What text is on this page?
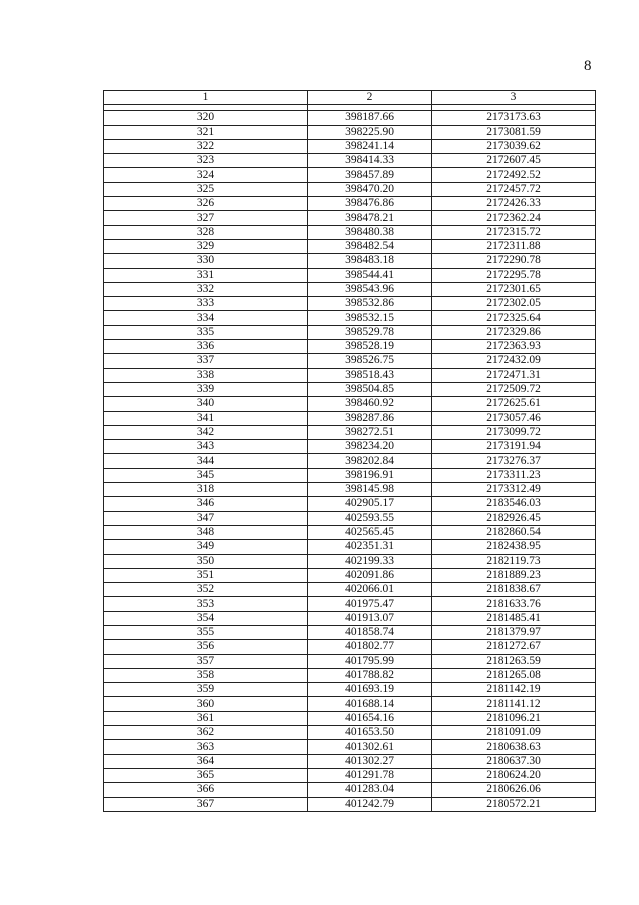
8
1	2	3

320	398187.66	2173173.63
321	398225.90	2173081.59
322	398241.14	2173039.62
323	398414.33	2172607.45
324	398457.89	2172492.52
325	398470.20	2172457.72
326	398476.86	2172426.33
327	398478.21	2172362.24
328	398480.38	2172315.72
329	398482.54	2172311.88
330	398483.18	2172290.78
331	398544.41	2172295.78
332	398543.96	2172301.65
333	398532.86	2172302.05
334	398532.15	2172325.64
335	398529.78	2172329.86
336	398528.19	2172363.93
337	398526.75	2172432.09
338	398518.43	2172471.31
339	398504.85	2172509.72
340	398460.92	2172625.61
341	398287.86	2173057.46
342	398272.51	2173099.72
343	398234.20	2173191.94
344	398202.84	2173276.37
345	398196.91	2173311.23
318	398145.98	2173312.49
346	402905.17	2183546.03
347	402593.55	2182926.45
348	402565.45	2182860.54
349	402351.31	2182438.95
350	402199.33	2182119.73
351	402091.86	2181889.23
352	402066.01	2181838.67
353	401975.47	2181633.76
354	401913.07	2181485.41
355	401858.74	2181379.97
356	401802.77	2181272.67
357	401795.99	2181263.59
358	401788.82	2181265.08
359	401693.19	2181142.19
360	401688.14	2181141.12
361	401654.16	2181096.21
362	401653.50	2181091.09
363	401302.61	2180638.63
364	401302.27	2180637.30
365	401291.78	2180624.20
366	401283.04	2180626.06
367	401242.79	2180572.21
